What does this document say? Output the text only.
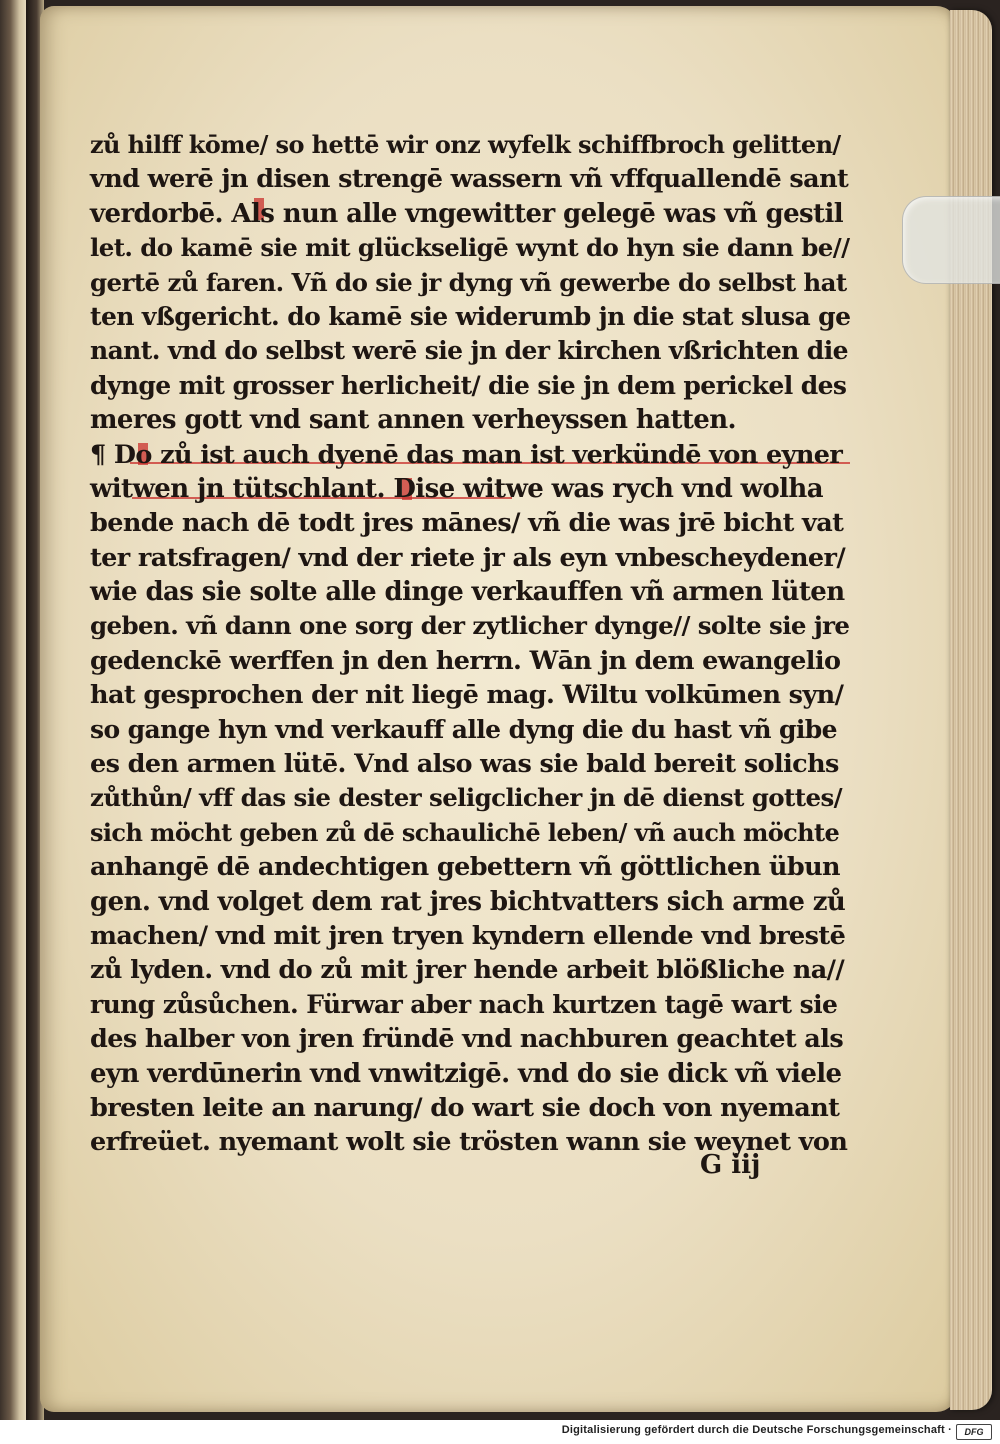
zů hilff kōme/ so hettē wir onz wyfelk schiffbroch gelitten/
vnd werē jn disen strengē wassern vñ vffquallendē sant
verdorbē. Als nun alle vngewitter gelegē was vñ gestil
let. do kamē sie mit glückseligē wynt do hyn sie dann be//
gertē zů faren. Vñ do sie jr dyng vñ gewerbe do selbst hat
ten vßgericht. do kamē sie widerumb jn die stat slusa ge
nant. vnd do selbst werē sie jn der kirchen vßrichten die
dynge mit grosser herlicheit/ die sie jn dem perickel des
meres gott vnd sant annen verheyssen hatten.
¶ Do zů ist auch dyenē das man ist verkündē von eyner
witwen jn tütschlant. Dise witwe was rych vnd wolha
bende nach dē todt jres mānes/ vñ die was jrē bicht vat
ter ratsfragen/ vnd der riete jr als eyn vnbescheydener/
wie das sie solte alle dinge verkauffen vñ armen lüten
geben. vñ dann one sorg der zytlicher dynge// solte sie jre
gedenckē werffen jn den herrn. Wān jn dem ewangelio
hat gesprochen der nit liegē mag. Wiltu volkūmen syn/
so gange hyn vnd verkauff alle dyng die du hast vñ gibe
es den armen lütē. Vnd also was sie bald bereit solichs
zůthůn/ vff das sie dester seligclicher jn dē dienst gottes/
sich möcht geben zů dē schaulichē leben/ vñ auch möchte
anhangē dē andechtigen gebettern vñ göttlichen übun
gen. vnd volget dem rat jres bichtvatters sich arme zů
machen/ vnd mit jren tryen kyndern ellende vnd brestē
zů lyden. vnd do zů mit jrer hende arbeit blößliche na//
rung zůsůchen. Fürwar aber nach kurtzen tagē wart sie
des halber von jren fründē vnd nachburen geachtet als
eyn verdūnerin vnd vnwitzigē. vnd do sie dick vñ viele
bresten leite an narung/ do wart sie doch von nyemant
erfreüet. nyemant wolt sie trösten wann sie weynet von
G iij
Digitalisierung gefördert durch die Deutsche Forschungsgemeinschaft ·	DFG
